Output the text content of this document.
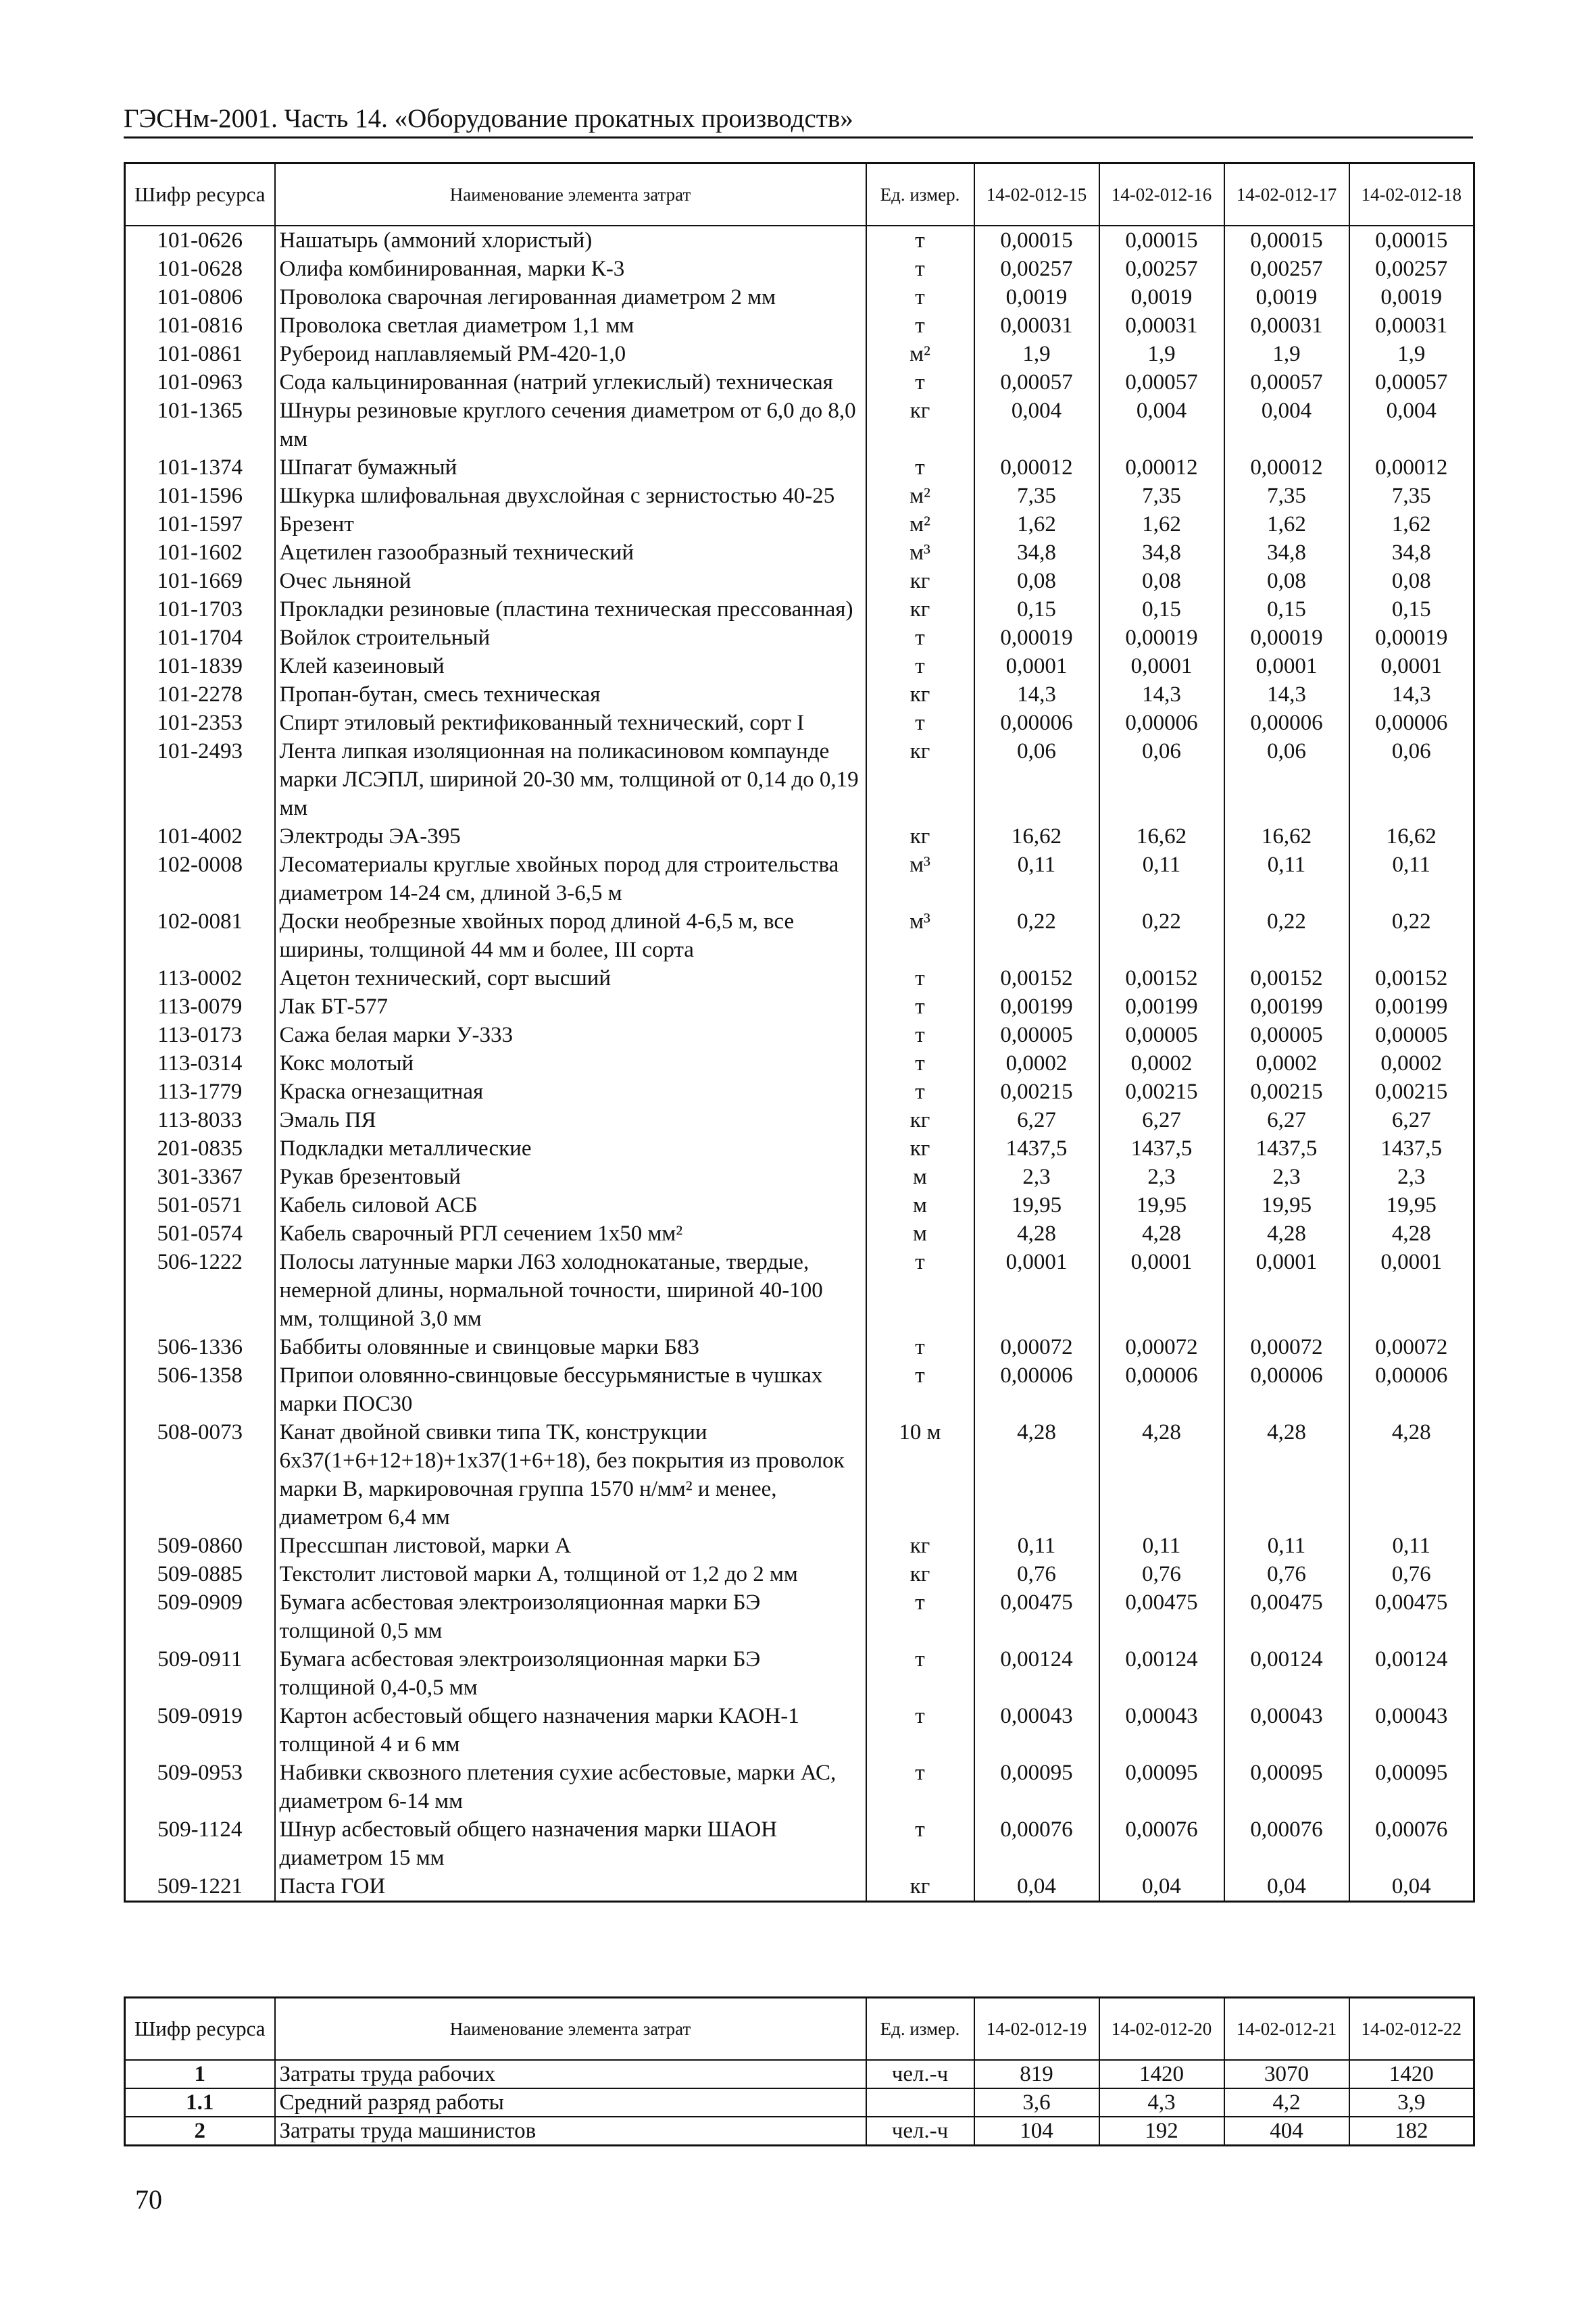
ГЭСНм-2001. Часть 14. «Оборудование прокатных производств»
Шифр ресурса	Наименование элемента затрат	Ед. измер.	14-02-012-15	14-02-012-16	14-02-012-17	14-02-012-18
101-0626	Нашатырь (аммоний хлористый)	т	0,00015	0,00015	0,00015	0,00015
101-0628	Олифа комбинированная, марки К-3	т	0,00257	0,00257	0,00257	0,00257
101-0806	Проволока сварочная легированная диаметром 2 мм	т	0,0019	0,0019	0,0019	0,0019
101-0816	Проволока светлая диаметром 1,1 мм	т	0,00031	0,00031	0,00031	0,00031
101-0861	Рубероид наплавляемый РМ-420-1,0	м²	1,9	1,9	1,9	1,9
101-0963	Сода кальцинированная (натрий углекислый) техническая	т	0,00057	0,00057	0,00057	0,00057
101-1365	Шнуры резиновые круглого сечения диаметром от 6,0 до 8,0 мм	кг	0,004	0,004	0,004	0,004
101-1374	Шпагат бумажный	т	0,00012	0,00012	0,00012	0,00012
101-1596	Шкурка шлифовальная двухслойная с зернистостью 40-25	м²	7,35	7,35	7,35	7,35
101-1597	Брезент	м²	1,62	1,62	1,62	1,62
101-1602	Ацетилен газообразный технический	м³	34,8	34,8	34,8	34,8
101-1669	Очес льняной	кг	0,08	0,08	0,08	0,08
101-1703	Прокладки резиновые (пластина техническая прессованная)	кг	0,15	0,15	0,15	0,15
101-1704	Войлок строительный	т	0,00019	0,00019	0,00019	0,00019
101-1839	Клей казеиновый	т	0,0001	0,0001	0,0001	0,0001
101-2278	Пропан-бутан, смесь техническая	кг	14,3	14,3	14,3	14,3
101-2353	Спирт этиловый ректификованный технический, сорт I	т	0,00006	0,00006	0,00006	0,00006
101-2493	Лента липкая изоляционная на поликасиновом компаунде марки ЛСЭПЛ, шириной 20-30 мм, толщиной от 0,14 до 0,19 мм	кг	0,06	0,06	0,06	0,06
101-4002	Электроды ЭА-395	кг	16,62	16,62	16,62	16,62
102-0008	Лесоматериалы круглые хвойных пород для строительства диаметром 14-24 см, длиной 3-6,5 м	м³	0,11	0,11	0,11	0,11
102-0081	Доски необрезные хвойных пород длиной 4-6,5 м, все ширины, толщиной 44 мм и более, III сорта	м³	0,22	0,22	0,22	0,22
113-0002	Ацетон технический, сорт высший	т	0,00152	0,00152	0,00152	0,00152
113-0079	Лак БТ-577	т	0,00199	0,00199	0,00199	0,00199
113-0173	Сажа белая марки У-333	т	0,00005	0,00005	0,00005	0,00005
113-0314	Кокс молотый	т	0,0002	0,0002	0,0002	0,0002
113-1779	Краска огнезащитная	т	0,00215	0,00215	0,00215	0,00215
113-8033	Эмаль ПЯ	кг	6,27	6,27	6,27	6,27
201-0835	Подкладки металлические	кг	1437,5	1437,5	1437,5	1437,5
301-3367	Рукав брезентовый	м	2,3	2,3	2,3	2,3
501-0571	Кабель силовой АСБ	м	19,95	19,95	19,95	19,95
501-0574	Кабель сварочный РГЛ сечением 1х50 мм²	м	4,28	4,28	4,28	4,28
506-1222	Полосы латунные марки Л63 холоднокатаные, твердые, немерной длины, нормальной точности, шириной 40-100 мм, толщиной 3,0 мм	т	0,0001	0,0001	0,0001	0,0001
506-1336	Баббиты оловянные и свинцовые марки Б83	т	0,00072	0,00072	0,00072	0,00072
506-1358	Припои оловянно-свинцовые бессурьмянистые в чушках марки ПОС30	т	0,00006	0,00006	0,00006	0,00006
508-0073	Канат двойной свивки типа ТК, конструкции 6х37(1+6+12+18)+1х37(1+6+18), без покрытия из проволок марки В, маркировочная группа 1570 н/мм² и менее, диаметром 6,4 мм	10 м	4,28	4,28	4,28	4,28
509-0860	Прессшпан листовой, марки А	кг	0,11	0,11	0,11	0,11
509-0885	Текстолит листовой марки А, толщиной от 1,2 до 2 мм	кг	0,76	0,76	0,76	0,76
509-0909	Бумага асбестовая электроизоляционная марки БЭ толщиной 0,5 мм	т	0,00475	0,00475	0,00475	0,00475
509-0911	Бумага асбестовая электроизоляционная марки БЭ толщиной 0,4-0,5 мм	т	0,00124	0,00124	0,00124	0,00124
509-0919	Картон асбестовый общего назначения марки КАОН-1 толщиной 4 и 6 мм	т	0,00043	0,00043	0,00043	0,00043
509-0953	Набивки сквозного плетения сухие асбестовые, марки АС, диаметром 6-14 мм	т	0,00095	0,00095	0,00095	0,00095
509-1124	Шнур асбестовый общего назначения марки ШАОН диаметром 15 мм	т	0,00076	0,00076	0,00076	0,00076
509-1221	Паста ГОИ	кг	0,04	0,04	0,04	0,04
Шифр ресурса	Наименование элемента затрат	Ед. измер.	14-02-012-19	14-02-012-20	14-02-012-21	14-02-012-22
1	Затраты труда рабочих	чел.-ч	819	1420	3070	1420
1.1	Средний разряд работы		3,6	4,3	4,2	3,9
2	Затраты труда машинистов	чел.-ч	104	192	404	182
70
